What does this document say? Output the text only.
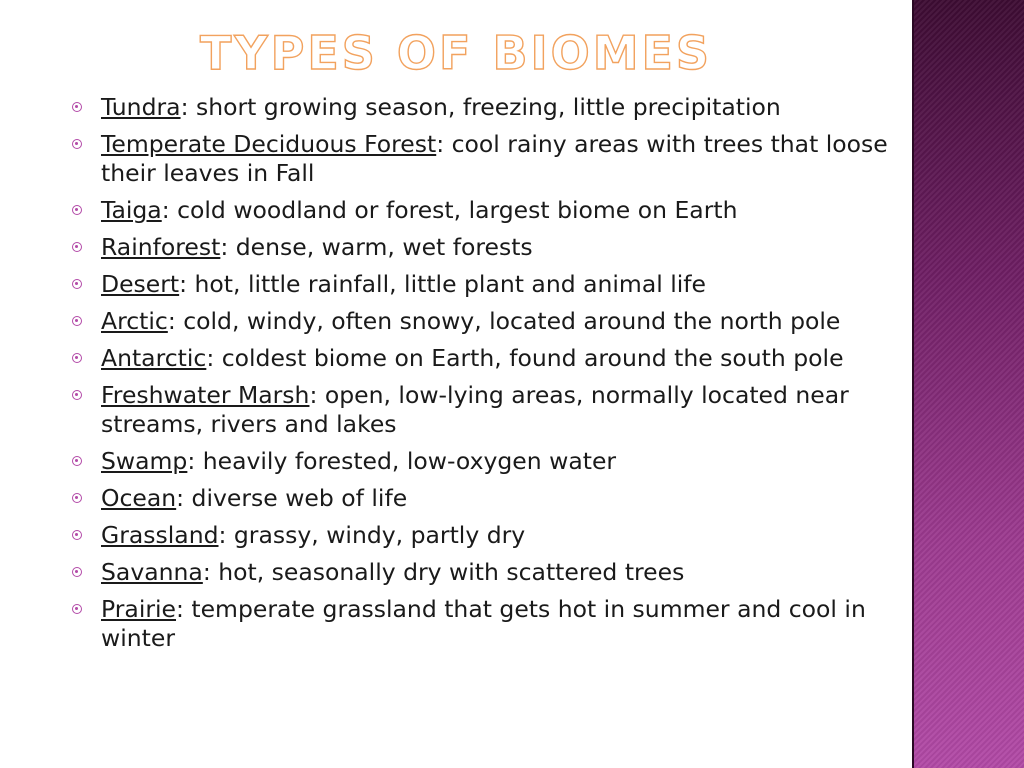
TYPES OF BIOMES
Tundra: short growing season, freezing, little precipitation
Temperate Deciduous Forest: cool rainy areas with trees that loose their leaves in Fall
Taiga: cold woodland or forest, largest biome on Earth
Rainforest: dense, warm, wet forests
Desert: hot, little rainfall, little plant and animal life
Arctic: cold, windy, often snowy, located around the north pole
Antarctic: coldest biome on Earth, found around the south pole
Freshwater Marsh: open, low-lying areas, normally located near streams, rivers and lakes
Swamp: heavily forested, low-oxygen water
Ocean: diverse web of life
Grassland: grassy, windy, partly dry
Savanna: hot, seasonally dry with scattered trees
Prairie: temperate grassland that gets hot in summer and cool in winter
